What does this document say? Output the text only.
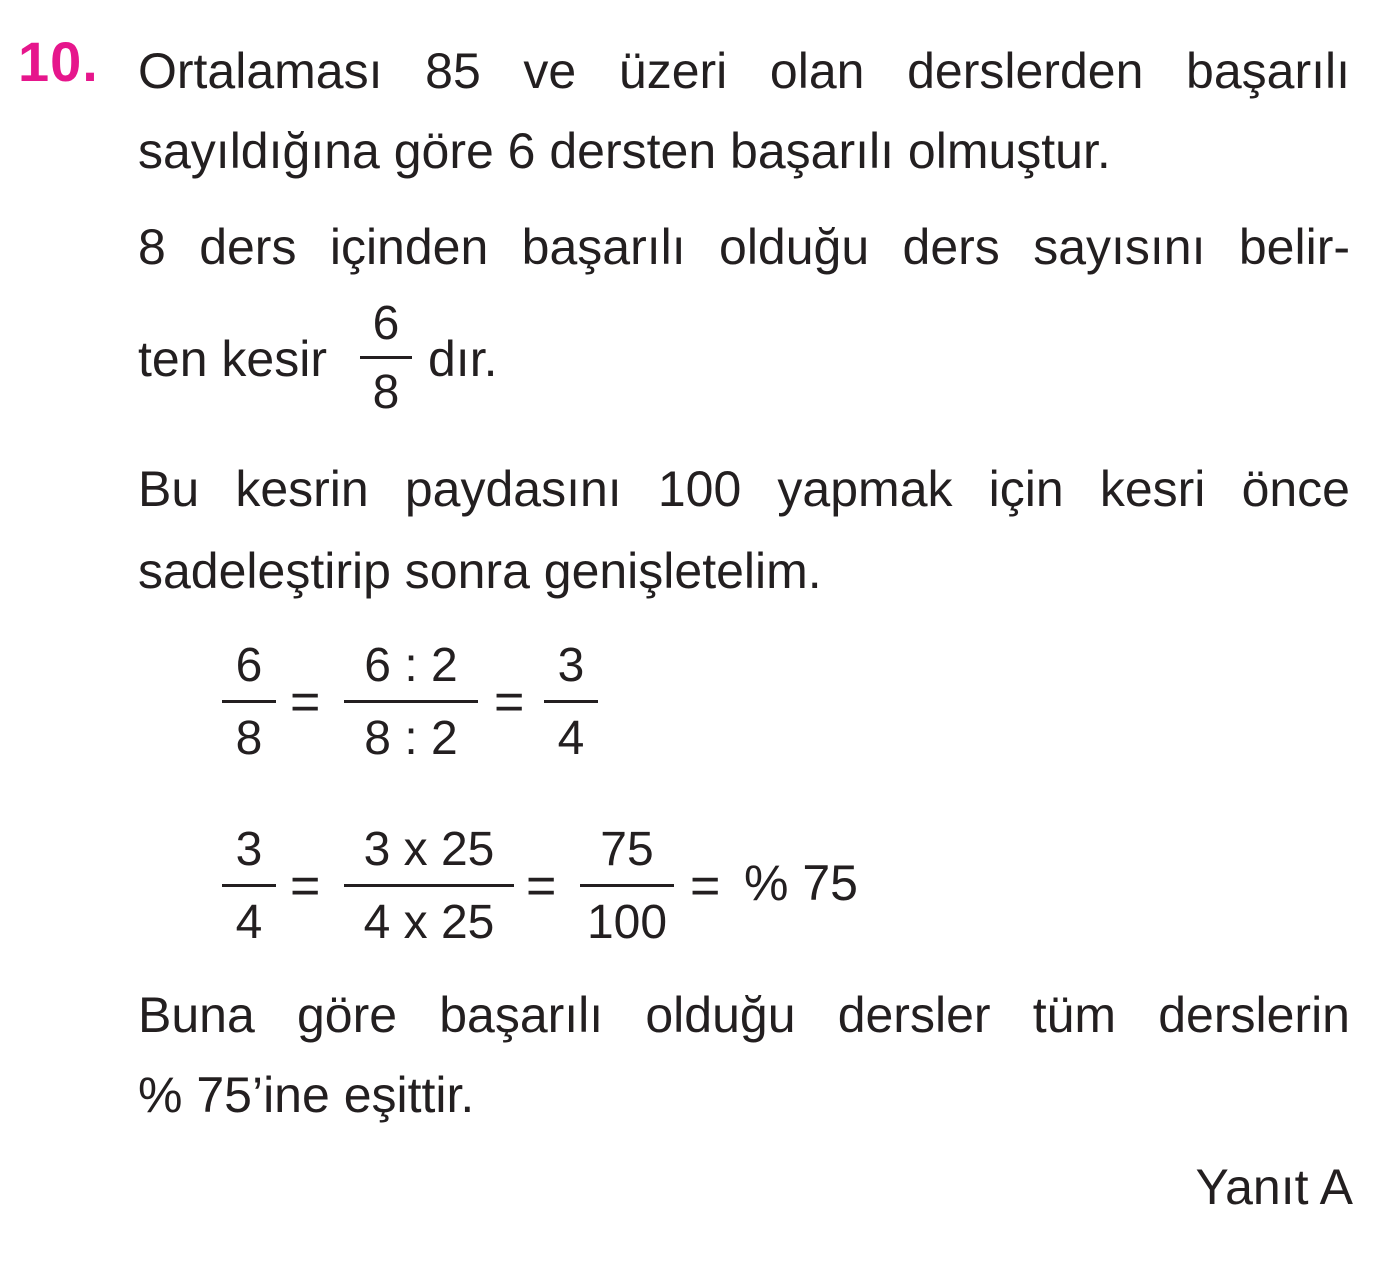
10. Ortalaması 85 ve üzeri olan derslerden başarılı
sayıldığına göre 6 dersten başarılı olmuştur.
8 ders içinden başarılı olduğu ders sayısını belir-
ten kesir
6
8
dır.
Bu kesrin paydasını 100 yapmak için kesri önce
sadeleştirip sonra genişletelim.
6
8
=
6 : 2
8 : 2
=
3
4
3
4
=
3 x 25
4 x 25
=
75
100
= % 75
Buna göre başarılı olduğu dersler tüm derslerin
% 75’ine eşittir.
Yanıt A
